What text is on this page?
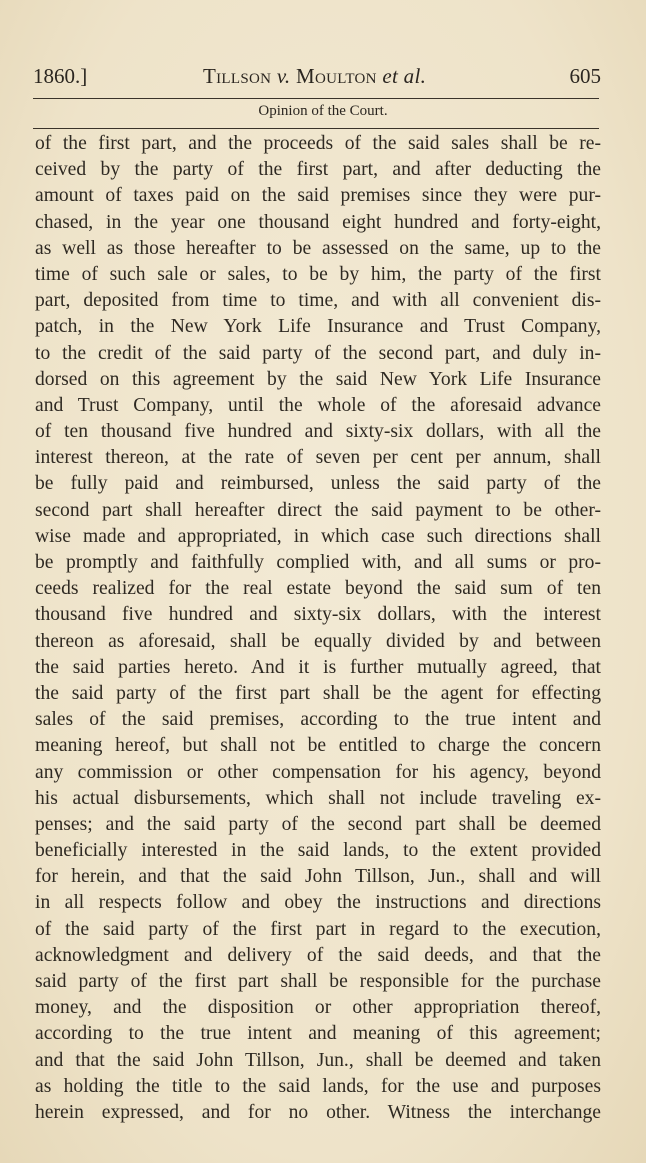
1860.]	Tillson v. Moulton et al.	605
Opinion of the Court.
of the first part, and the proceeds of the said sales shall be re-
ceived by the party of the first part, and after deducting the
amount of taxes paid on the said premises since they were pur-
chased, in the year one thousand eight hundred and forty-eight,
as well as those hereafter to be assessed on the same, up to the
time of such sale or sales, to be by him, the party of the first
part, deposited from time to time, and with all convenient dis-
patch, in the New York Life Insurance and Trust Company,
to the credit of the said party of the second part, and duly in-
dorsed on this agreement by the said New York Life Insurance
and Trust Company, until the whole of the aforesaid advance
of ten thousand five hundred and sixty-six dollars, with all the
interest thereon, at the rate of seven per cent per annum, shall
be fully paid and reimbursed, unless the said party of the
second part shall hereafter direct the said payment to be other-
wise made and appropriated, in which case such directions shall
be promptly and faithfully complied with, and all sums or pro-
ceeds realized for the real estate beyond the said sum of ten
thousand five hundred and sixty-six dollars, with the interest
thereon as aforesaid, shall be equally divided by and between
the said parties hereto. And it is further mutually agreed, that
the said party of the first part shall be the agent for effecting
sales of the said premises, according to the true intent and
meaning hereof, but shall not be entitled to charge the concern
any commission or other compensation for his agency, beyond
his actual disbursements, which shall not include traveling ex-
penses; and the said party of the second part shall be deemed
beneficially interested in the said lands, to the extent provided
for herein, and that the said John Tillson, Jun., shall and will
in all respects follow and obey the instructions and directions
of the said party of the first part in regard to the execution,
acknowledgment and delivery of the said deeds, and that the
said party of the first part shall be responsible for the purchase
money, and the disposition or other appropriation thereof,
according to the true intent and meaning of this agreement;
and that the said John Tillson, Jun., shall be deemed and taken
as holding the title to the said lands, for the use and purposes
herein expressed, and for no other. Witness the interchange
